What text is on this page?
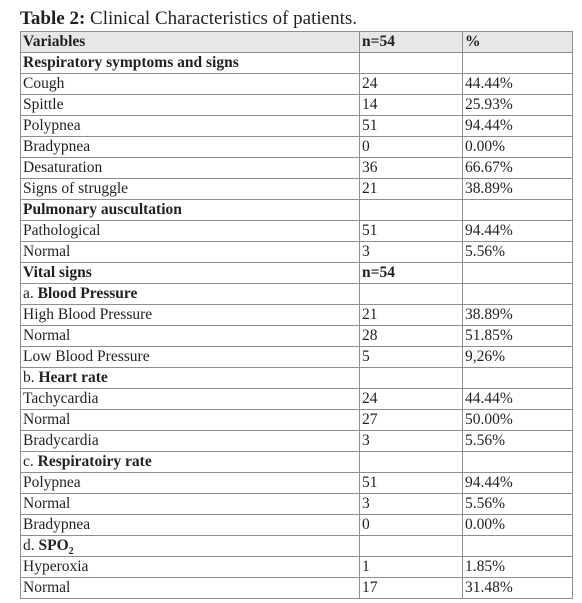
Table 2: Clinical Characteristics of patients.
Variables	n=54	%
Respiratory symptoms and signs		
Cough	24	44.44%
Spittle	14	25.93%
Polypnea	51	94.44%
Bradypnea	0	0.00%
Desaturation	36	66.67%
Signs of struggle	21	38.89%
Pulmonary auscultation		
Pathological	51	94.44%
Normal	3	5.56%
Vital signs	n=54	
a. Blood Pressure		
High Blood Pressure	21	38.89%
Normal	28	51.85%
Low Blood Pressure	5	9,26%
b. Heart rate		
Tachycardia	24	44.44%
Normal	27	50.00%
Bradycardia	3	5.56%
c. Respiratoiry rate		
Polypnea	51	94.44%
Normal	3	5.56%
Bradypnea	0	0.00%
d. $SPO_2$		
Hyperoxia	1	1.85%
Normal	17	31.48%
